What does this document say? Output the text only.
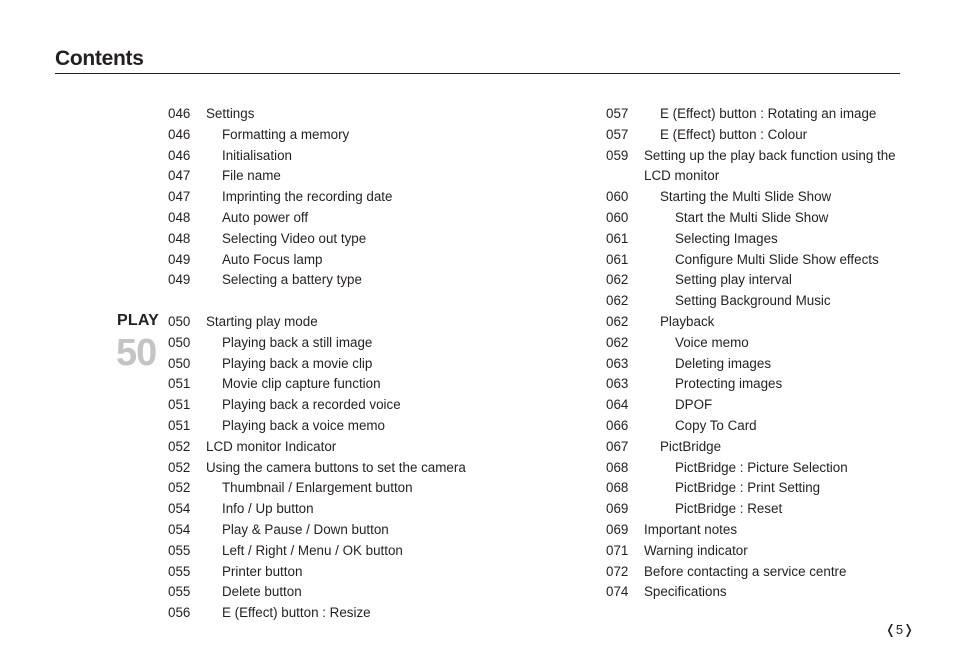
Contents
PLAY
50
046 Settings
046 Formatting a memory
046 Initialisation
047 File name
047 Imprinting the recording date
048 Auto power off
048 Selecting Video out type
049 Auto Focus lamp
049 Selecting a battery type
050 Starting play mode
050 Playing back a still image
050 Playing back a movie clip
051 Movie clip capture function
051 Playing back a recorded voice
051 Playing back a voice memo
052 LCD monitor Indicator
052 Using the camera buttons to set the camera
052 Thumbnail / Enlargement button
054 Info / Up button
054 Play & Pause / Down button
055 Left / Right / Menu / OK button
055 Printer button
055 Delete button
056 E (Effect) button : Resize
057 E (Effect) button : Rotating an image
057 E (Effect) button : Colour
059 Setting up the play back function using the
LCD monitor
060 Starting the Multi Slide Show
060	Start the Multi Slide Show
061	Selecting Images
061	Configure Multi Slide Show effects
062	Setting play interval
062	Setting Background Music
062 Playback
062	Voice memo
063	Deleting images
063	Protecting images
064	DPOF
066	Copy To Card
067 PictBridge
068	PictBridge : Picture Selection
068	PictBridge : Print Setting
069	PictBridge : Reset
069 Important notes
071 Warning indicator
072 Before contacting a service centre
074 Specifications
❬5❭
